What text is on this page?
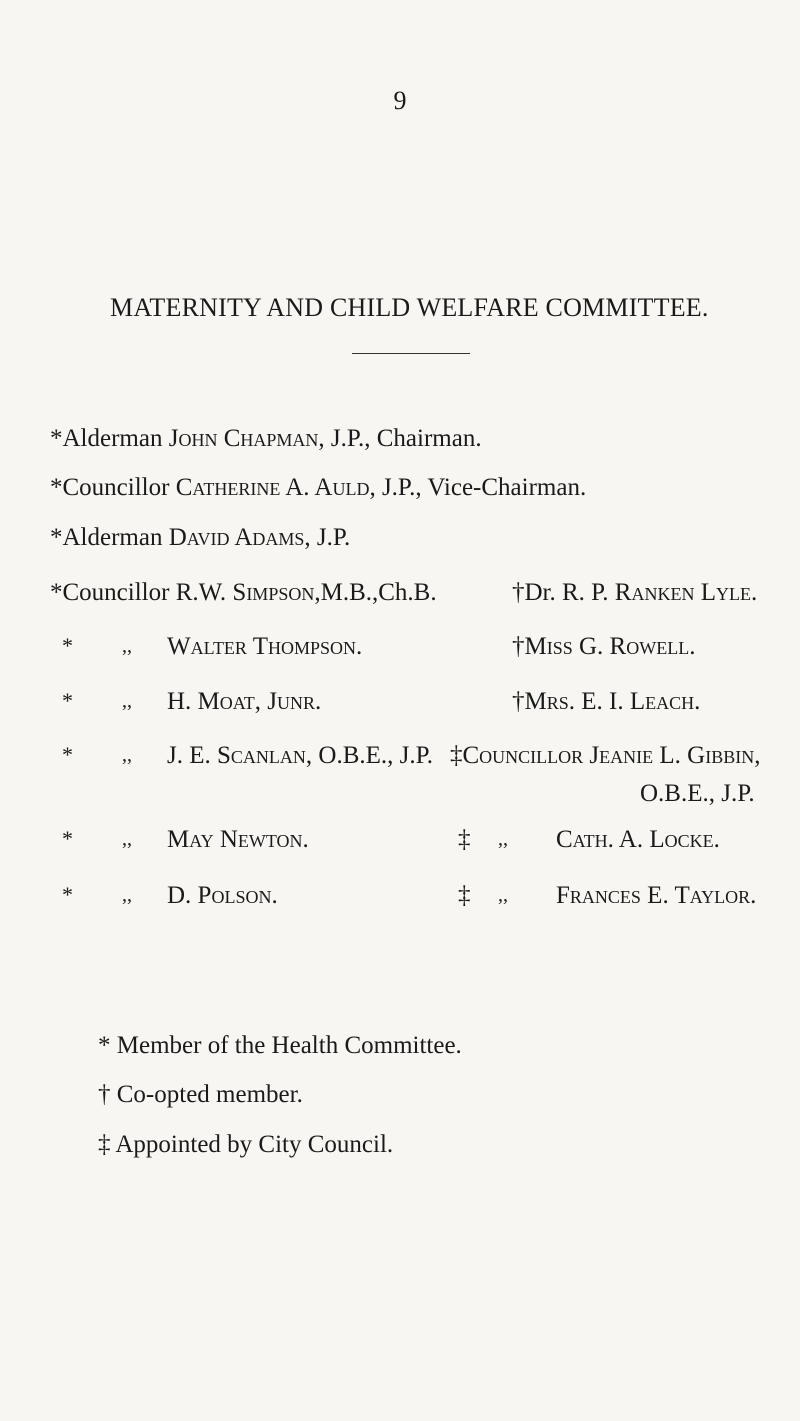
9
MATERNITY AND CHILD WELFARE COMMITTEE.
*Alderman John Chapman, J.P., Chairman.
*Councillor Catherine A. Auld, J.P., Vice-Chairman.
*Alderman David Adams, J.P.
*Councillor R.W. Simpson,M.B.,Ch.B.	†Dr. R. P. Ranken Lyle.
* ,, Walter Thompson.	†Miss G. Rowell.
* ,, H. Moat, Junr.	†Mrs. E. I. Leach.
* ,, J. E. Scanlan, O.B.E., J.P. ‡Councillor Jeanie L. Gibbin,
O.B.E., J.P.
* ,, May Newton.	‡ ,, Cath. A. Locke.
* ,, D. Polson.	‡ ,, Frances E. Taylor.
* Member of the Health Committee.
† Co-opted member.
‡ Appointed by City Council.
